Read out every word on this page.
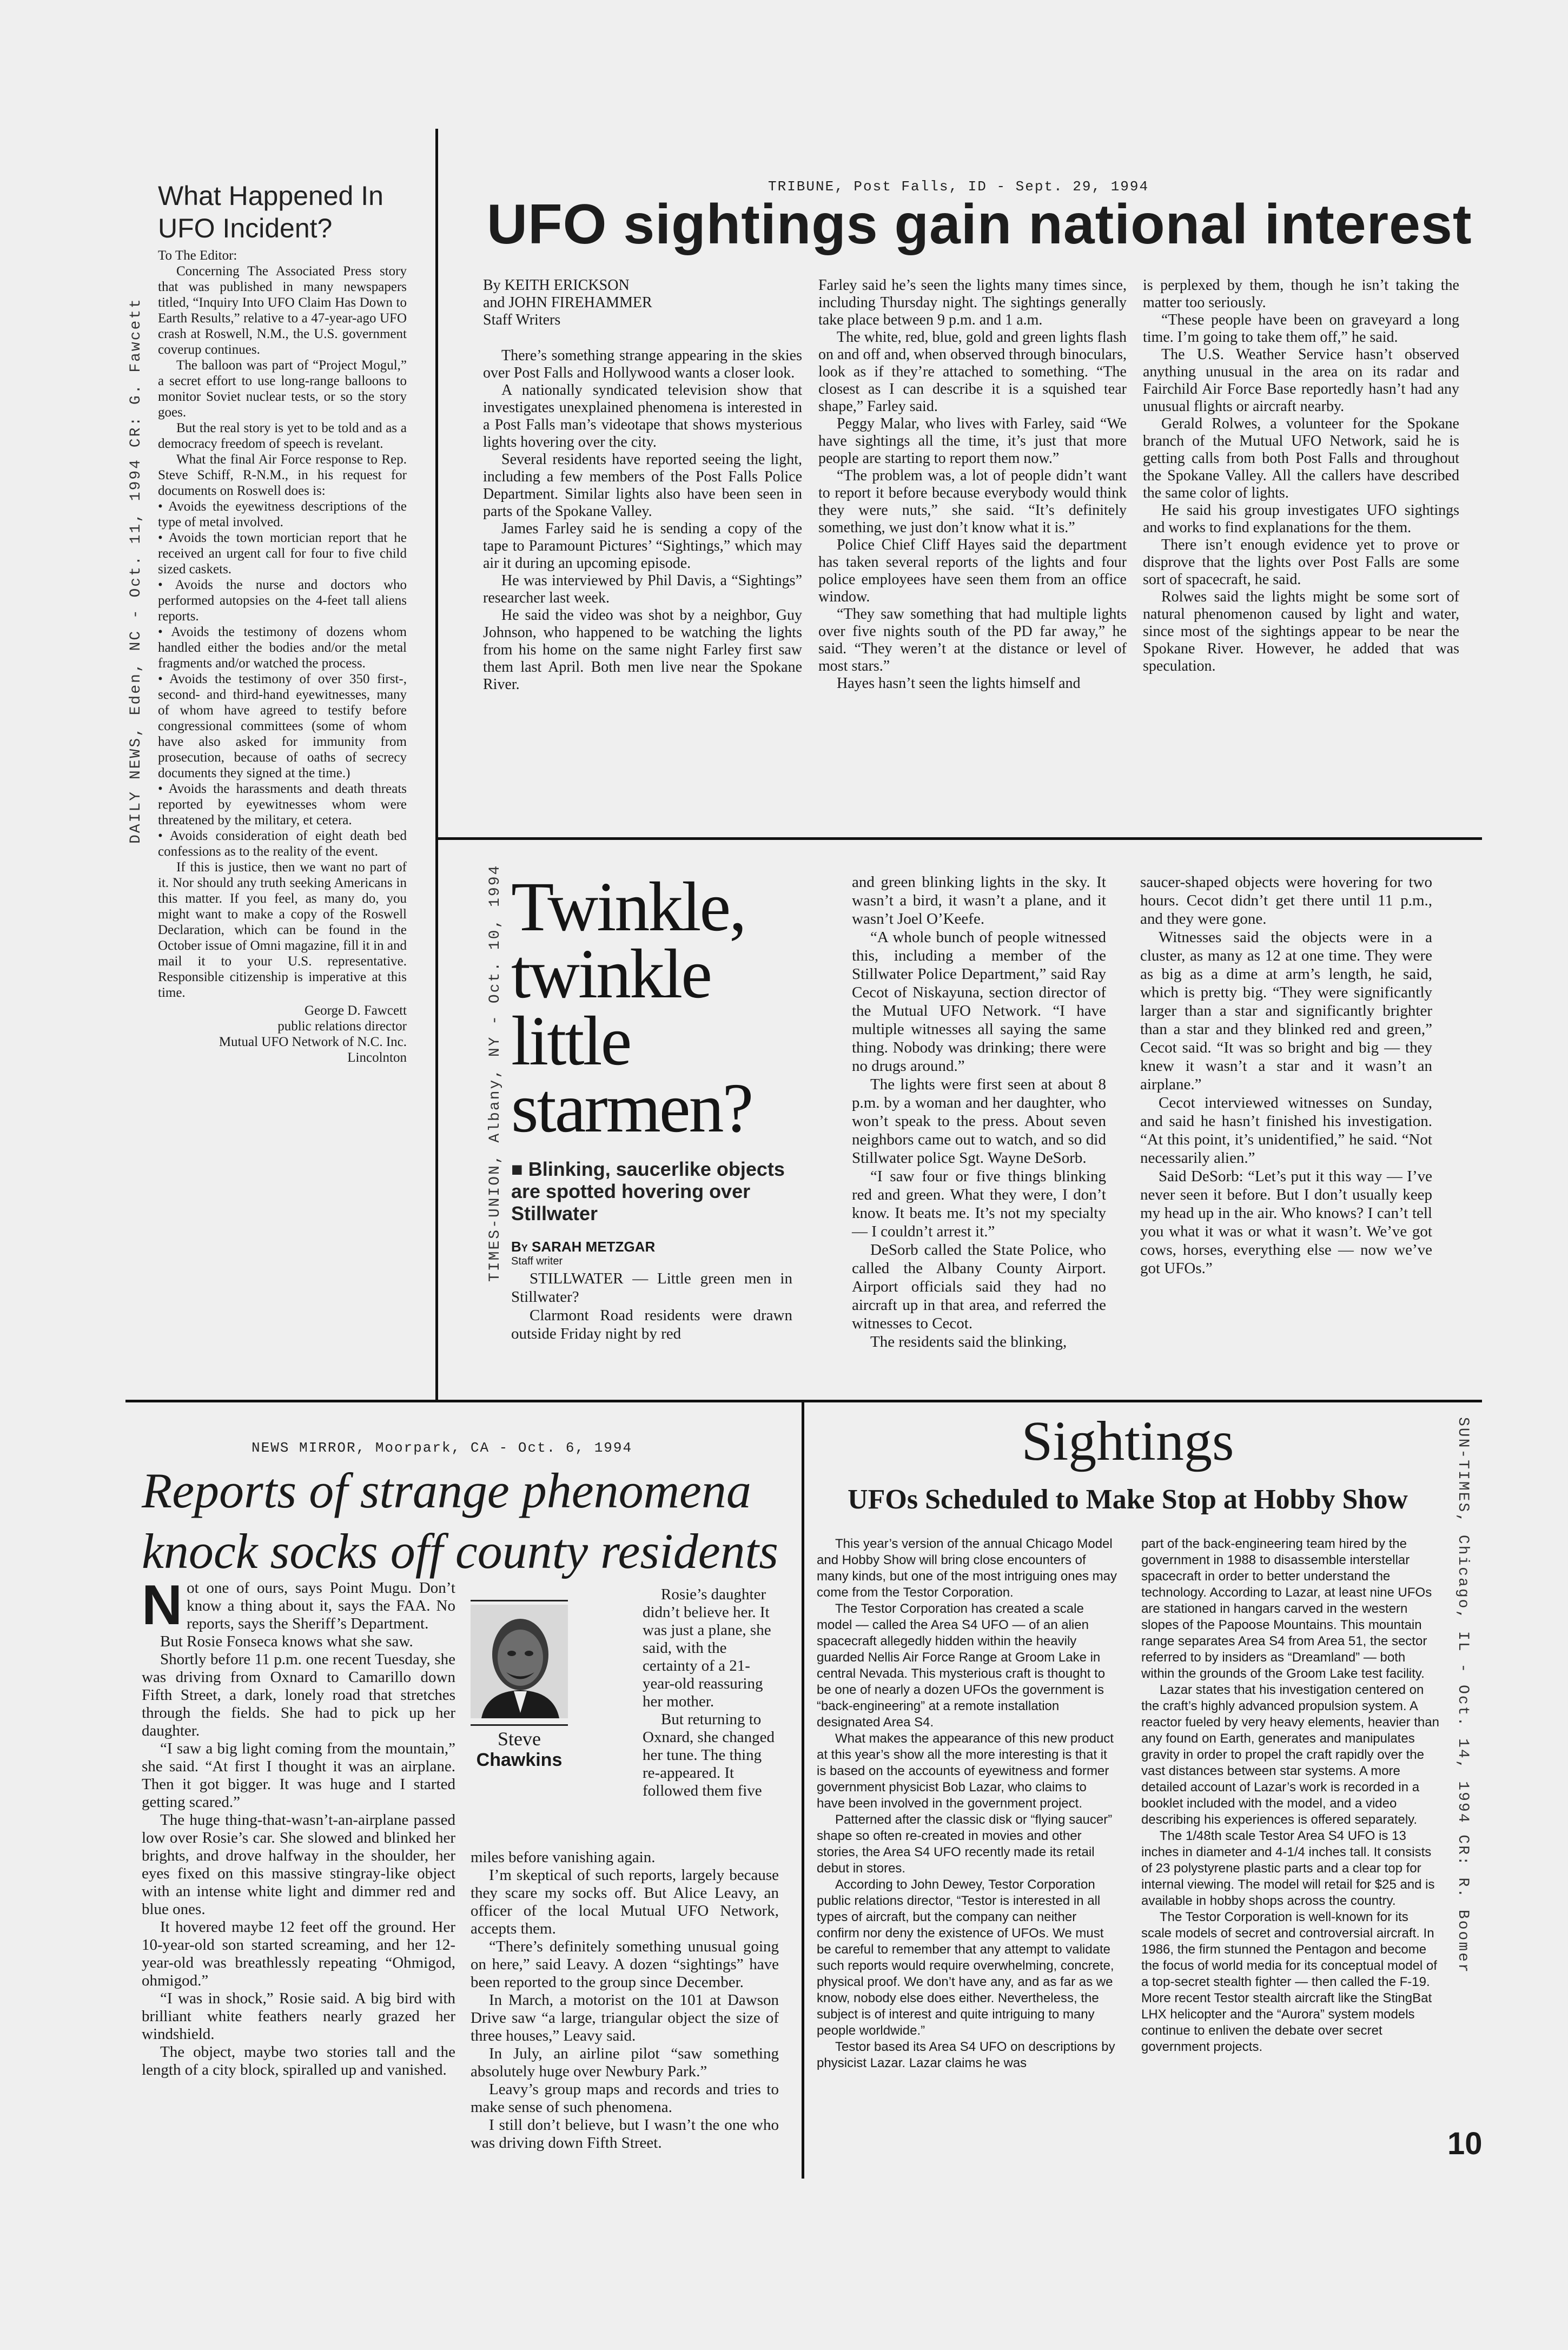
DAILY NEWS, Eden, NC - Oct. 11, 1994 CR: G. Fawcett
What Happened In UFO Incident?

To The Editor:

Concerning The Associated Press story that was published in many newspapers titled, “Inquiry Into UFO Claim Has Down to Earth Results,” relative to a 47-year-ago UFO crash at Roswell, N.M., the U.S. government coverup continues.

The balloon was part of “Project Mogul,” a secret effort to use long-range balloons to monitor Soviet nuclear tests, or so the story goes.

But the real story is yet to be told and as a democracy freedom of speech is revelant.

What the final Air Force response to Rep. Steve Schiff, R-N.M., in his request for documents on Roswell does is:

• Avoids the eyewitness descriptions of the type of metal involved.

• Avoids the town mortician report that he received an urgent call for four to five child sized caskets.

• Avoids the nurse and doctors who performed autopsies on the 4-feet tall aliens reports.

• Avoids the testimony of dozens whom handled either the bodies and/or the metal fragments and/or watched the process.

• Avoids the testimony of over 350 first-, second- and third-hand eyewitnesses, many of whom have agreed to testify before congressional committees (some of whom have also asked for immunity from prosecution, because of oaths of secrecy documents they signed at the time.)

• Avoids the harassments and death threats reported by eyewitnesses whom were threatened by the military, et cetera.

• Avoids consideration of eight death bed confessions as to the reality of the event.

If this is justice, then we want no part of it. Nor should any truth seeking Americans in this matter. If you feel, as many do, you might want to make a copy of the Roswell Declaration, which can be found in the October issue of Omni magazine, fill it in and mail it to your U.S. representative. Responsible citizenship is imperative at this time.

George D. Fawcett
public relations director
Mutual UFO Network of N.C. Inc.
Lincolnton
TRIBUNE, Post Falls, ID - Sept. 29, 1994
UFO sightings gain national interest
By KEITH ERICKSON
and JOHN FIREHAMMER
Staff Writers

There’s something strange appearing in the skies over Post Falls and Hollywood wants a closer look.

A nationally syndicated television show that investigates unexplained phenomena is interested in a Post Falls man’s videotape that shows mysterious lights hovering over the city.

Several residents have reported seeing the light, including a few members of the Post Falls Police Department. Similar lights also have been seen in parts of the Spokane Valley.

James Farley said he is sending a copy of the tape to Paramount Pictures’ “Sightings,” which may air it during an upcoming episode.

He was interviewed by Phil Davis, a “Sightings” researcher last week.

He said the video was shot by a neighbor, Guy Johnson, who happened to be watching the lights from his home on the same night Farley first saw them last April. Both men live near the Spokane River.

Farley said he’s seen the lights many times since, including Thursday night. The sightings generally take place between 9 p.m. and 1 a.m.

The white, red, blue, gold and green lights flash on and off and, when observed through binoculars, look as if they’re attached to something. “The closest as I can describe it is a squished tear shape,” Farley said.

Peggy Malar, who lives with Farley, said “We have sightings all the time, it’s just that more people are starting to report them now.”

“The problem was, a lot of people didn’t want to report it before because everybody would think they were nuts,” she said. “It’s definitely something, we just don’t know what it is.”

Police Chief Cliff Hayes said the department has taken several reports of the lights and four police employees have seen them from an office window.

“They saw something that had multiple lights over five nights south of the PD far away,” he said. “They weren’t at the distance or level of most stars.”

Hayes hasn’t seen the lights himself and

is perplexed by them, though he isn’t taking the matter too seriously.

“These people have been on graveyard a long time. I’m going to take them off,” he said.

The U.S. Weather Service hasn’t observed anything unusual in the area on its radar and Fairchild Air Force Base reportedly hasn’t had any unusual flights or aircraft nearby.

Gerald Rolwes, a volunteer for the Spokane branch of the Mutual UFO Network, said he is getting calls from both Post Falls and throughout the Spokane Valley. All the callers have described the same color of lights.

He said his group investigates UFO sightings and works to find explanations for the them.

There isn’t enough evidence yet to prove or disprove that the lights over Post Falls are some sort of spacecraft, he said.

Rolwes said the lights might be some sort of natural phenomenon caused by light and water, since most of the sightings appear to be near the Spokane River. However, he added that was speculation.

TIMES-UNION, Albany, NY - Oct. 10, 1994 Twinkle, twinkle little starmen?
■ Blinking, saucerlike objects are spotted hovering over Stillwater
By SARAH METZGAR
Staff writer

STILLWATER — Little green men in Stillwater?

Clarmont Road residents were drawn outside Friday night by red

and green blinking lights in the sky. It wasn’t a bird, it wasn’t a plane, and it wasn’t Joel O’Keefe.

“A whole bunch of people witnessed this, including a member of the Stillwater Police Department,” said Ray Cecot of Niskayuna, section director of the Mutual UFO Network. “I have multiple witnesses all saying the same thing. Nobody was drinking; there were no drugs around.”

The lights were first seen at about 8 p.m. by a woman and her daughter, who won’t speak to the press. About seven neighbors came out to watch, and so did Stillwater police Sgt. Wayne DeSorb.

“I saw four or five things blinking red and green. What they were, I don’t know. It beats me. It’s not my specialty — I couldn’t arrest it.”

DeSorb called the State Police, who called the Albany County Airport. Airport officials said they had no aircraft up in that area, and referred the witnesses to Cecot.

The residents said the blinking,

saucer-shaped objects were hovering for two hours. Cecot didn’t get there until 11 p.m., and they were gone.

Witnesses said the objects were in a cluster, as many as 12 at one time. They were as big as a dime at arm’s length, he said, which is pretty big. “They were significantly larger than a star and significantly brighter than a star and they blinked red and green,” Cecot said. “It was so bright and big — they knew it wasn’t a star and it wasn’t an airplane.”

Cecot interviewed witnesses on Sunday, and said he hasn’t finished his investigation. “At this point, it’s unidentified,” he said. “Not necessarily alien.”

Said DeSorb: “Let’s put it this way — I’ve never seen it before. But I don’t usually keep my head up in the air. Who knows? I can’t tell you what it was or what it wasn’t. We’ve got cows, horses, everything else — now we’ve got UFOs.”

NEWS MIRROR, Moorpark, CA - Oct. 6, 1994
Reports of strange phenomena knock socks off county residents
N ot one of ours, says Point Mugu. Don’t know a thing about it, says the FAA. No reports, says the Sheriff’s Department.

But Rosie Fonseca knows what she saw.

Shortly before 11 p.m. one recent Tuesday, she was driving from Oxnard to Camarillo down Fifth Street, a dark, lonely road that stretches through the fields. She had to pick up her daughter.

“I saw a big light coming from the mountain,” she said. “At first I thought it was an airplane. Then it got bigger. It was huge and I started getting scared.”

The huge thing-that-wasn’t-an-airplane passed low over Rosie’s car. She slowed and blinked her brights, and drove halfway in the shoulder, her eyes fixed on this massive stingray-like object with an intense white light and dimmer red and blue ones.

It hovered maybe 12 feet off the ground. Her 10-year-old son started screaming, and her 12-year-old was breathlessly repeating “Ohmigod, ohmigod.”

“I was in shock,” Rosie said. A big bird with brilliant white feathers nearly grazed her windshield.

The object, maybe two stories tall and the length of a city block, spiralled up and vanished.

Steve
Chawkins

Rosie’s daughter didn’t believe her. It was just a plane, she said, with the certainty of a 21-year-old reassuring her mother.

But returning to Oxnard, she changed her tune. The thing re-appeared. It followed them five

miles before vanishing again.

I’m skeptical of such reports, largely because they scare my socks off. But Alice Leavy, an officer of the local Mutual UFO Network, accepts them.

“There’s definitely something unusual going on here,” said Leavy. A dozen “sightings” have been reported to the group since December.

In March, a motorist on the 101 at Dawson Drive saw “a large, triangular object the size of three houses,” Leavy said.

In July, an airline pilot “saw something absolutely huge over Newbury Park.”

Leavy’s group maps and records and tries to make sense of such phenomena.

I still don’t believe, but I wasn’t the one who was driving down Fifth Street.

SUN-TIMES, Chicago, IL - Oct. 14, 1994 CR: R. Boomer
Sightings
UFOs Scheduled to Make Stop at Hobby Show

This year’s version of the annual Chicago Model and Hobby Show will bring close encounters of many kinds, but one of the most intriguing ones may come from the Testor Corporation.

The Testor Corporation has created a scale model — called the Area S4 UFO — of an alien spacecraft allegedly hidden within the heavily guarded Nellis Air Force Range at Groom Lake in central Nevada. This mysterious craft is thought to be one of nearly a dozen UFOs the government is “back-engineering” at a remote installation designated Area S4.

What makes the appearance of this new product at this year’s show all the more interesting is that it is based on the accounts of eyewitness and former government physicist Bob Lazar, who claims to have been involved in the government project.

Patterned after the classic disk or “flying saucer” shape so often re-created in movies and other stories, the Area S4 UFO recently made its retail debut in stores.

According to John Dewey, Testor Corporation public relations director, “Testor is interested in all types of aircraft, but the company can neither confirm nor deny the existence of UFOs. We must be careful to remember that any attempt to validate such reports would require overwhelming, concrete, physical proof. We don’t have any, and as far as we know, nobody else does either. Nevertheless, the subject is of interest and quite intriguing to many people worldwide.”

Testor based its Area S4 UFO on descriptions by physicist Lazar. Lazar claims he was

part of the back-engineering team hired by the government in 1988 to disassemble interstellar spacecraft in order to better understand the technology. According to Lazar, at least nine UFOs are stationed in hangars carved in the western slopes of the Papoose Mountains. This mountain range separates Area S4 from Area 51, the sector referred to by insiders as “Dreamland” — both within the grounds of the Groom Lake test facility.

Lazar states that his investigation centered on the craft’s highly advanced propulsion system. A reactor fueled by very heavy elements, heavier than any found on Earth, generates and manipulates gravity in order to propel the craft rapidly over the vast distances between star systems. A more detailed account of Lazar’s work is recorded in a booklet included with the model, and a video describing his experiences is offered separately.

The 1/48th scale Testor Area S4 UFO is 13 inches in diameter and 4-1/4 inches tall. It consists of 23 polystyrene plastic parts and a clear top for internal viewing. The model will retail for $25 and is available in hobby shops across the country.

The Testor Corporation is well-known for its scale models of secret and controversial aircraft. In 1986, the firm stunned the Pentagon and become the focus of world media for its conceptual model of a top-secret stealth fighter — then called the F-19. More recent Testor stealth aircraft like the StingBat LHX helicopter and the “Aurora” system models continue to enliven the debate over secret government projects.

10
